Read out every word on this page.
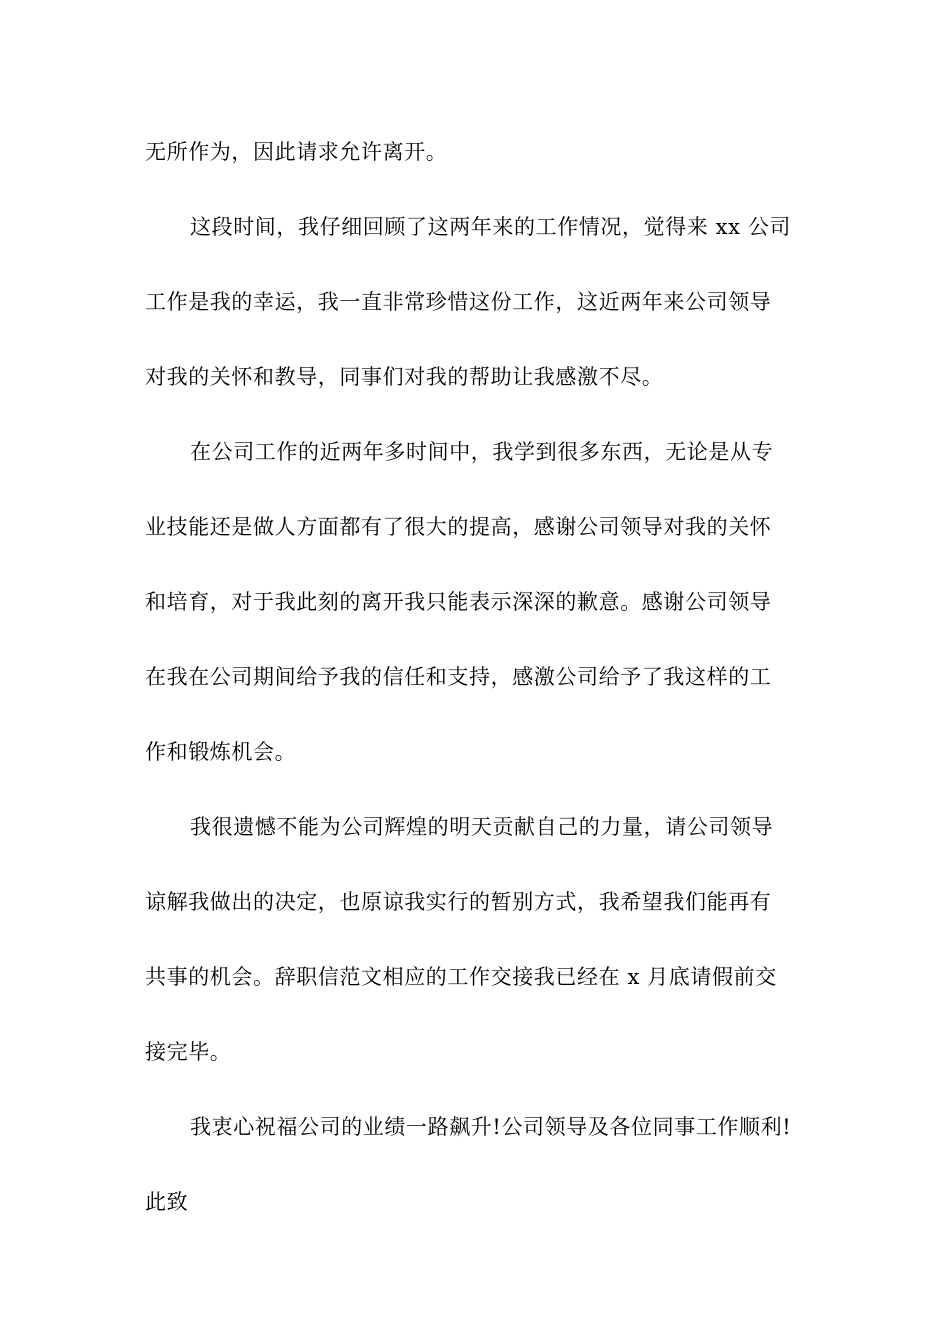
无所作为，因此请求允许离开。
这段时间，我仔细回顾了这两年来的工作情况，觉得来 xx 公司
工作是我的幸运，我一直非常珍惜这份工作，这近两年来公司领导
对我的关怀和教导，同事们对我的帮助让我感激不尽。
在公司工作的近两年多时间中，我学到很多东西，无论是从专
业技能还是做人方面都有了很大的提高，感谢公司领导对我的关怀
和培育，对于我此刻的离开我只能表示深深的歉意。感谢公司领导
在我在公司期间给予我的信任和支持，感激公司给予了我这样的工
作和锻炼机会。
我很遗憾不能为公司辉煌的明天贡献自己的力量，请公司领导
谅解我做出的决定，也原谅我实行的暂别方式，我希望我们能再有
共事的机会。辞职信范文相应的工作交接我已经在 x 月底请假前交
接完毕。
我衷心祝福公司的业绩一路飙升!公司领导及各位同事工作顺利!
此致
